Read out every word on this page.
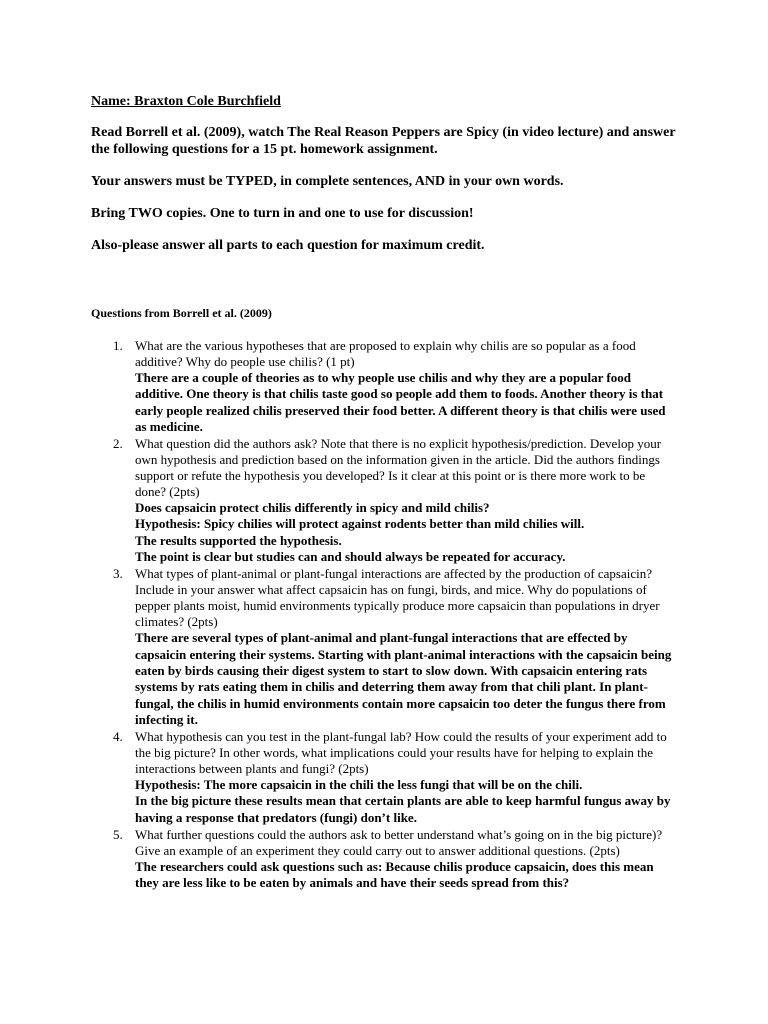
Name: Braxton Cole Burchfield

Read Borrell et al. (2009), watch The Real Reason Peppers are Spicy (in video lecture) and answer the following questions for a 15 pt. homework assignment.

Your answers must be TYPED, in complete sentences, AND in your own words.

Bring TWO copies. One to turn in and one to use for discussion!

Also-please answer all parts to each question for maximum credit.

Questions from Borrell et al. (2009)
1. What are the various hypotheses that are proposed to explain why chilis are so popular as a food additive? Why do people use chilis? (1 pt)
There are a couple of theories as to why people use chilis and why they are a popular food additive. One theory is that chilis taste good so people add them to foods. Another theory is that early people realized chilis preserved their food better. A different theory is that chilis were used as medicine.
2. What question did the authors ask? Note that there is no explicit hypothesis/prediction. Develop your own hypothesis and prediction based on the information given in the article. Did the authors findings support or refute the hypothesis you developed? Is it clear at this point or is there more work to be done? (2pts)
Does capsaicin protect chilis differently in spicy and mild chilis?
Hypothesis: Spicy chilies will protect against rodents better than mild chilies will.
The results supported the hypothesis.
The point is clear but studies can and should always be repeated for accuracy.
3. What types of plant-animal or plant-fungal interactions are affected by the production of capsaicin? Include in your answer what affect capsaicin has on fungi, birds, and mice. Why do populations of pepper plants moist, humid environments typically produce more capsaicin than populations in dryer climates? (2pts)
There are several types of plant-animal and plant-fungal interactions that are effected by capsaicin entering their systems. Starting with plant-animal interactions with the capsaicin being eaten by birds causing their digest system to start to slow down. With capsaicin entering rats systems by rats eating them in chilis and deterring them away from that chili plant. In plant-fungal, the chilis in humid environments contain more capsaicin too deter the fungus there from infecting it.
4. What hypothesis can you test in the plant-fungal lab? How could the results of your experiment add to the big picture? In other words, what implications could your results have for helping to explain the interactions between plants and fungi? (2pts)
Hypothesis: The more capsaicin in the chili the less fungi that will be on the chili.
In the big picture these results mean that certain plants are able to keep harmful fungus away by having a response that predators (fungi) don’t like.
5. What further questions could the authors ask to better understand what’s going on in the big picture)? Give an example of an experiment they could carry out to answer additional questions. (2pts)
The researchers could ask questions such as: Because chilis produce capsaicin, does this mean they are less like to be eaten by animals and have their seeds spread from this?
